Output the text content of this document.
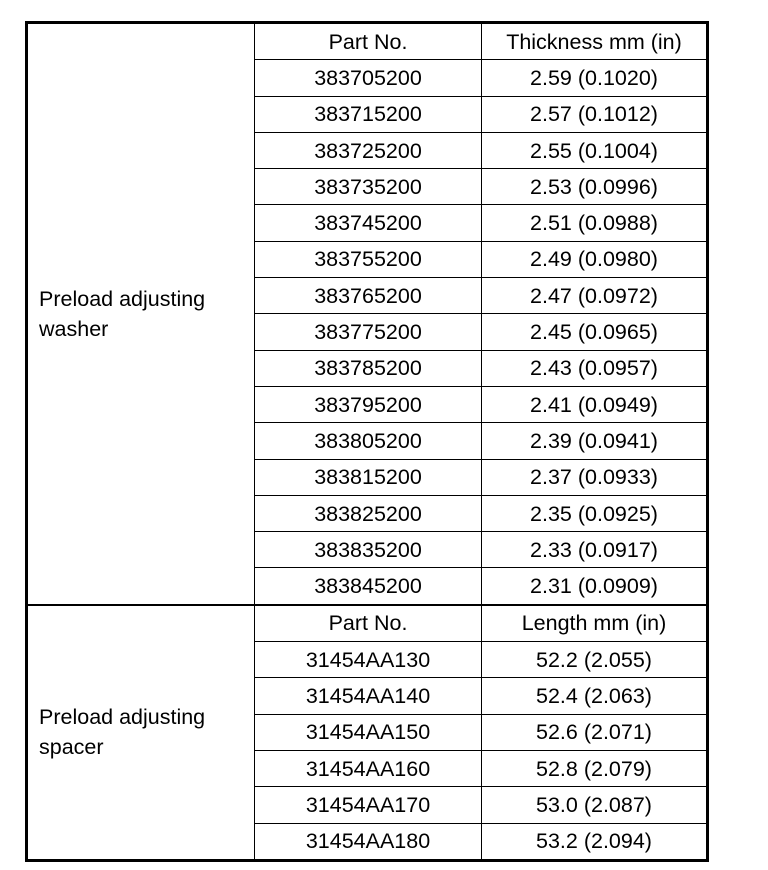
Preload adjusting
washer	Part No.	Thickness mm (in)
	383705200	2.59 (0.1020)
	383715200	2.57 (0.1012)
	383725200	2.55 (0.1004)
	383735200	2.53 (0.0996)
	383745200	2.51 (0.0988)
	383755200	2.49 (0.0980)
	383765200	2.47 (0.0972)
	383775200	2.45 (0.0965)
	383785200	2.43 (0.0957)
	383795200	2.41 (0.0949)
	383805200	2.39 (0.0941)
	383815200	2.37 (0.0933)
	383825200	2.35 (0.0925)
	383835200	2.33 (0.0917)
	383845200	2.31 (0.0909)

Preload adjusting
spacer	Part No.	Length mm (in)
	31454AA130	52.2 (2.055)
	31454AA140	52.4 (2.063)
	31454AA150	52.6 (2.071)
	31454AA160	52.8 (2.079)
	31454AA170	53.0 (2.087)
	31454AA180	53.2 (2.094)
